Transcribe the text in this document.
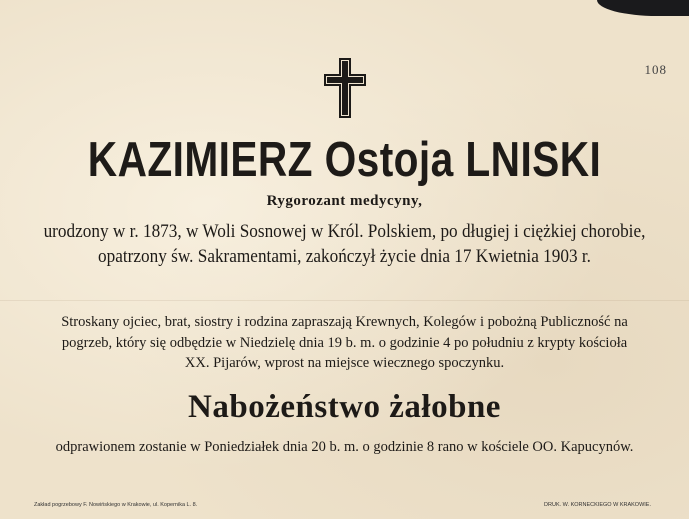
108
KAZIMIERZ Ostoja LNISKI
Rygorozant medycyny,
urodzony w r. 1873, w Woli Sosnowej w Król. Polskiem, po długiej i ciężkiej chorobie,
opatrzony św. Sakramentami, zakończył życie dnia 17 Kwietnia 1903 r.
Stroskany ojciec, brat, siostry i rodzina zapraszają Krewnych, Kolegów i pobożną Publiczność na
pogrzeb, który się odbędzie w Niedzielę dnia 19 b. m. o godzinie 4 po południu z krypty kościoła
XX. Pijarów, wprost na miejsce wiecznego spoczynku.
Nabożeństwo żałobne
odprawionem zostanie w Poniedziałek dnia 20 b. m. o godzinie 8 rano w kościele OO. Kapucynów.
Zakład pogrzebowy F. Nowińskiego w Krakowie, ul. Kopernika L. 8.	DRUK. W. KORNECKIEGO W KRAKOWIE.
